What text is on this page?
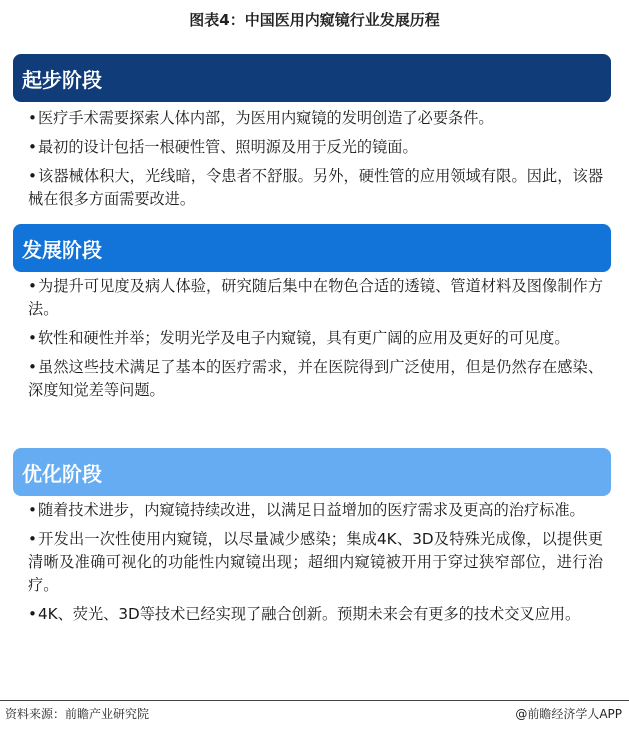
图表4：中国医用内窥镜行业发展历程
起步阶段

•医疗手术需要探索人体内部，为医用内窥镜的发明创造了必要条件。

•最初的设计包括一根硬性管、照明源及用于反光的镜面。

•该器械体积大，光线暗，令患者不舒服。另外，硬性管的应用领域有限。因此，该器械在很多方面需要改进。

发展阶段

•为提升可见度及病人体验，研究随后集中在物色合适的透镜、管道材料及图像制作方法。

•软性和硬性并举；发明光学及电子内窥镜，具有更广阔的应用及更好的可见度。

•虽然这些技术满足了基本的医疗需求，并在医院得到广泛使用，但是仍然存在感染、深度知觉差等问题。

优化阶段

•随着技术进步，内窥镜持续改进，以满足日益增加的医疗需求及更高的治疗标准。

•开发出一次性使用内窥镜，以尽量减少感染；集成4K、3D及特殊光成像，以提供更清晰及准确可视化的功能性内窥镜出现；超细内窥镜被开用于穿过狭窄部位，进行治疗。

•4K、荧光、3D等技术已经实现了融合创新。预期未来会有更多的技术交叉应用。

资料来源：前瞻产业研究院	@前瞻经济学人APP
